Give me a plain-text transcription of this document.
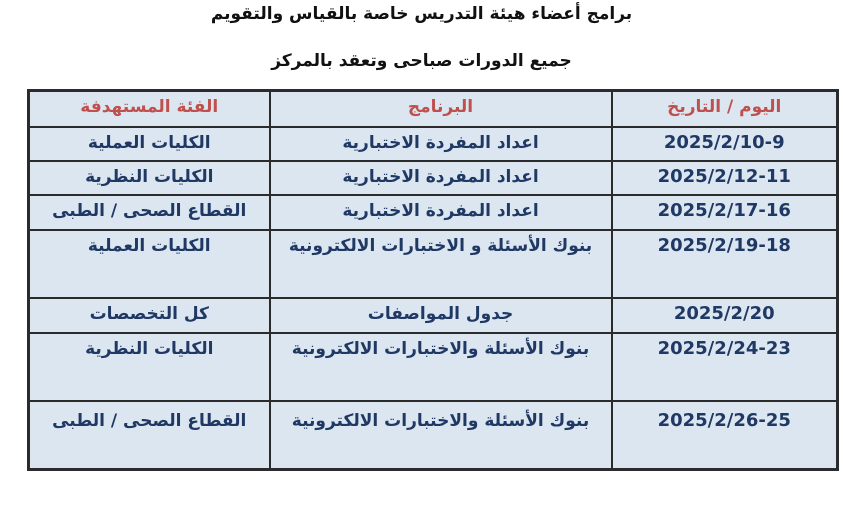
برامج أعضاء هيئة التدريس خاصة بالقياس والتقويم
جميع الدورات صباحى وتعقد بالمركز
اليوم / التاريخ	البرنامج	الفئة المستهدفة
2025/2/10-9	اعداد المفردة الاختبارية	الكليات العملية
2025/2/12-11	اعداد المفردة الاختبارية	الكليات النظرية
2025/2/17-16	اعداد المفردة الاختبارية	القطاع الصحى / الطبى
2025/2/19-18	بنوك الأسئلة و الاختبارات الالكترونية	الكليات العملية
2025/2/20	جدول المواصفات	كل التخصصات
2025/2/24-23	بنوك الأسئلة والاختبارات الالكترونية	الكليات النظرية
2025/2/26-25	بنوك الأسئلة والاختبارات الالكترونية	القطاع الصحى / الطبى
